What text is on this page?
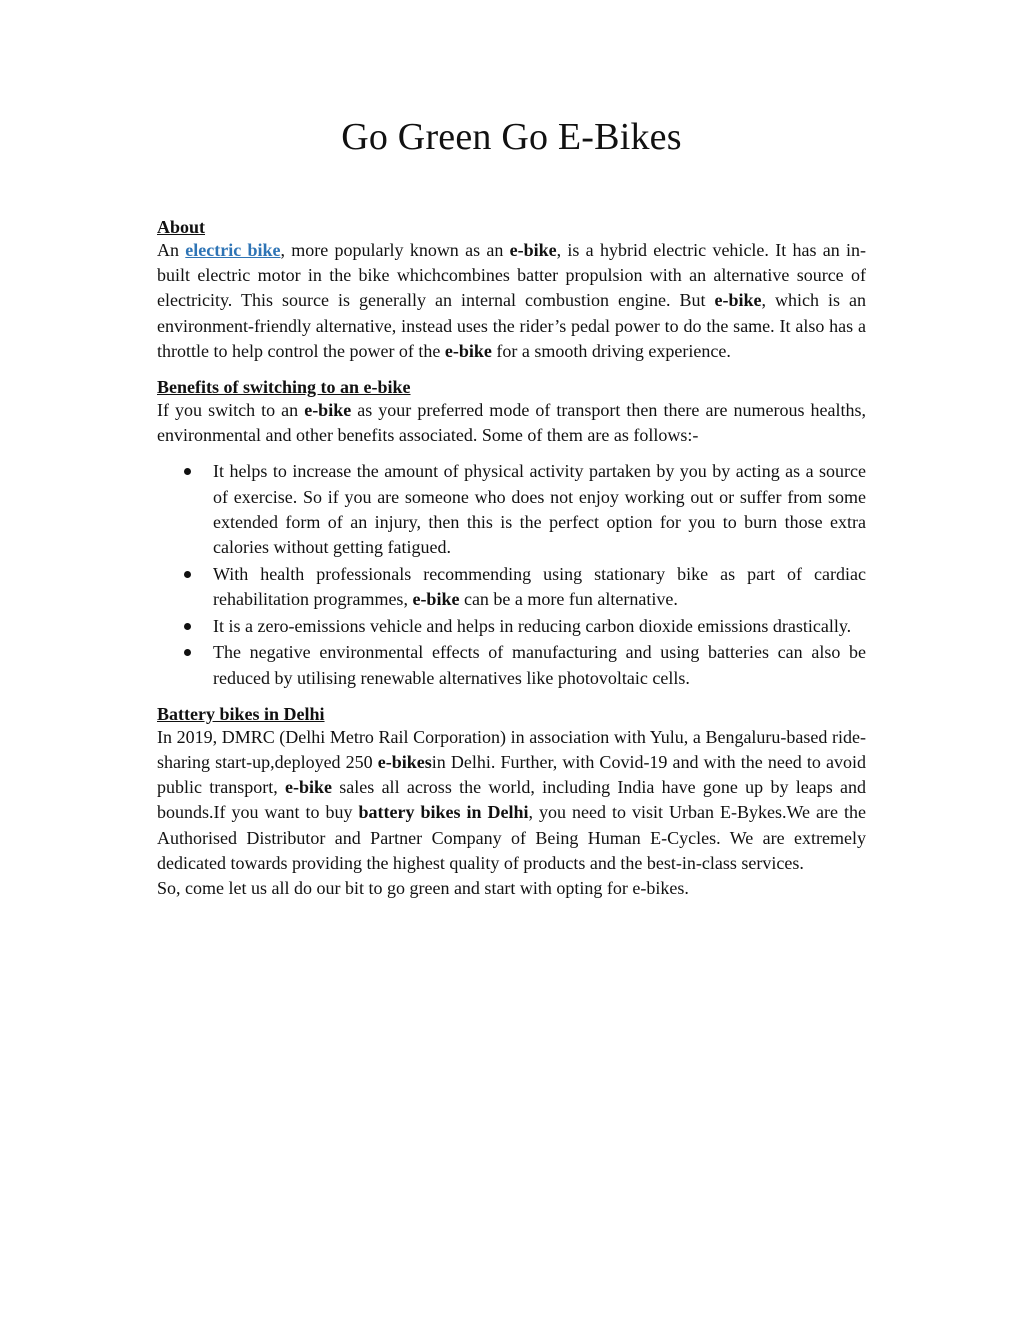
Go Green Go E-Bikes
About

An electric bike, more popularly known as an e-bike, is a hybrid electric vehicle. It has an in-built electric motor in the bike whichcombines batter propulsion with an alternative source of electricity. This source is generally an internal combustion engine. But e-bike, which is an environment-friendly alternative, instead uses the rider’s pedal power to do the same. It also has a throttle to help control the power of the e-bike for a smooth driving experience.

Benefits of switching to an e-bike

If you switch to an e-bike as your preferred mode of transport then there are numerous healths, environmental and other benefits associated. Some of them are as follows:-

It helps to increase the amount of physical activity partaken by you by acting as a source of exercise. So if you are someone who does not enjoy working out or suffer from some extended form of an injury, then this is the perfect option for you to burn those extra calories without getting fatigued.
With health professionals recommending using stationary bike as part of cardiac rehabilitation programmes, e-bike can be a more fun alternative.
It is a zero-emissions vehicle and helps in reducing carbon dioxide emissions drastically.
The negative environmental effects of manufacturing and using batteries can also be reduced by utilising renewable alternatives like photovoltaic cells.
Battery bikes in Delhi

In 2019, DMRC (Delhi Metro Rail Corporation) in association with Yulu, a Bengaluru-based ride-sharing start-up,deployed 250 e-bikesin Delhi. Further, with Covid-19 and with the need to avoid public transport, e-bike sales all across the world, including India have gone up by leaps and bounds.If you want to buy battery bikes in Delhi, you need to visit Urban E-Bykes.We are the Authorised Distributor and Partner Company of Being Human E-Cycles. We are extremely dedicated towards providing the highest quality of products and the best-in-class services.

So, come let us all do our bit to go green and start with opting for e-bikes.
